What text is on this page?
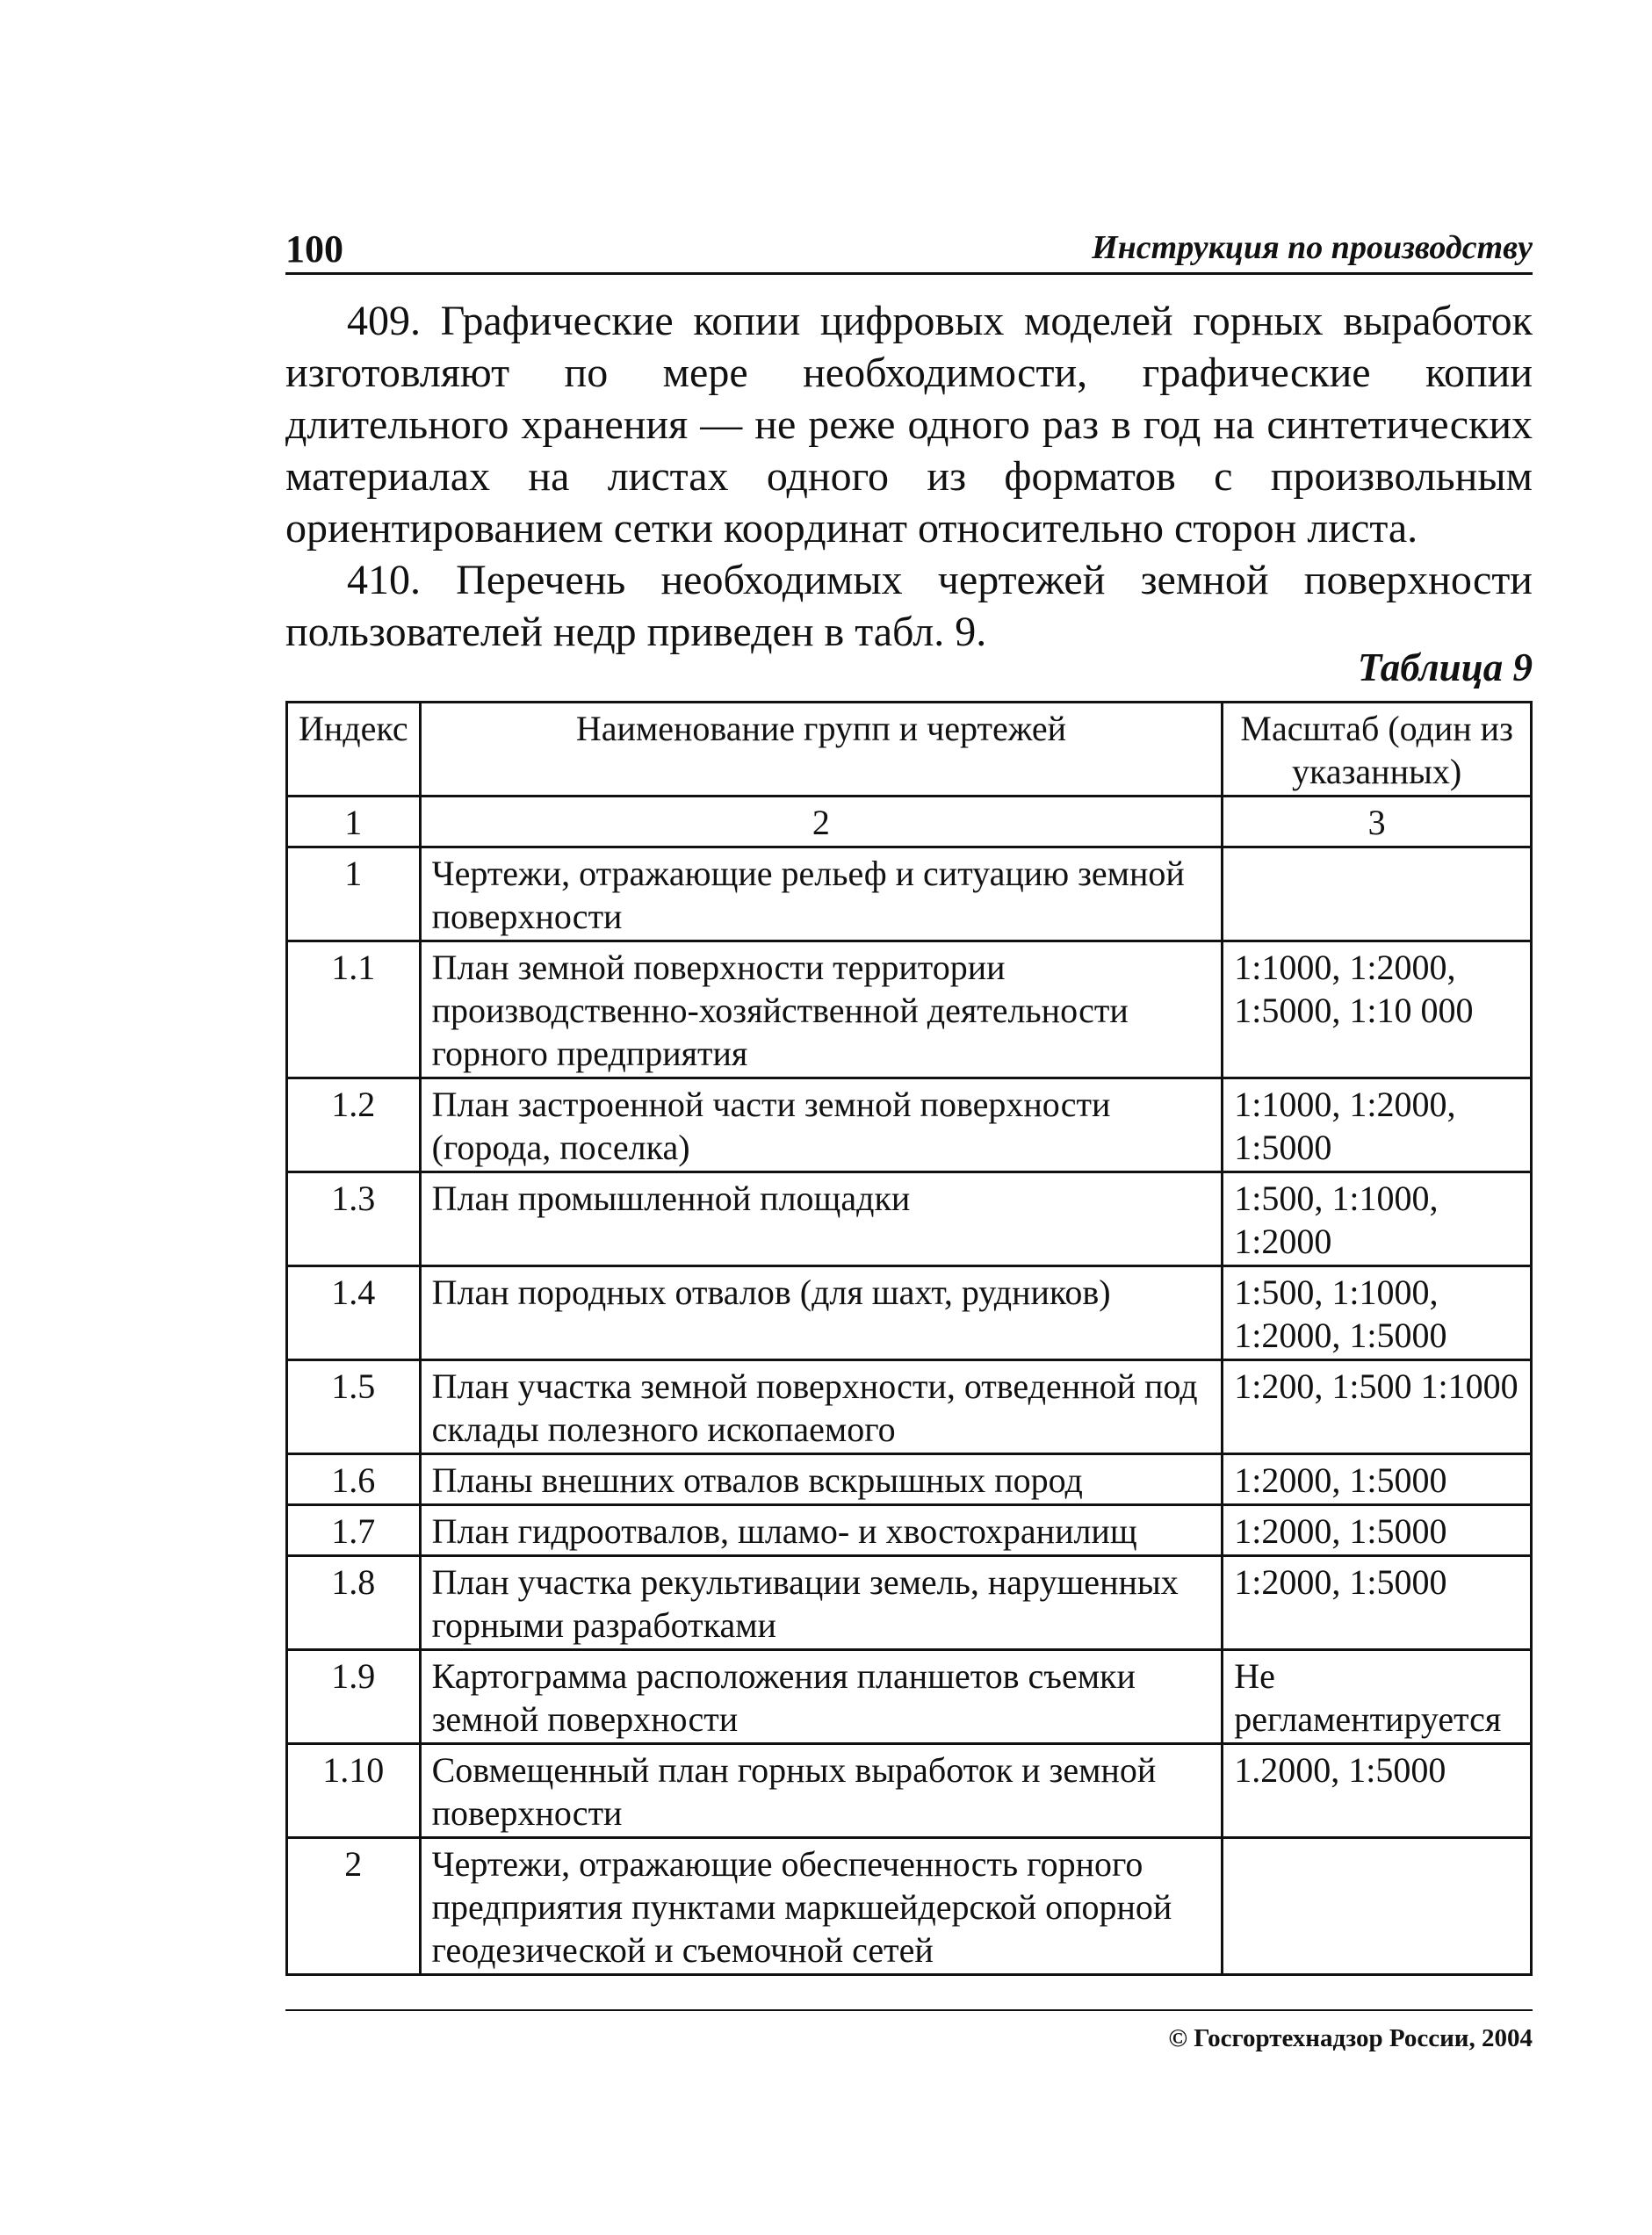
100	Инструкция по производству

409. Графические копии цифровых моделей горных выработок изготовляют по мере необходимости, графические копии длительного хранения — не реже одного раз в год на синтетических материалах на листах одного из форматов с произвольным ориентированием сетки координат относительно сторон листа.

410. Перечень необходимых чертежей земной поверхности пользователей недр приведен в табл. 9.

Таблица 9
Индекс	Наименование групп и чертежей	Масштаб (один из указанных)
1	2	3
1	Чертежи, отражающие рельеф и ситуацию земной поверхности	
1.1	План земной поверхности территории производственно-хозяйственной деятельности горного предприятия	1:1000, 1:2000, 1:5000, 1:10 000
1.2	План застроенной части земной поверхности (города, поселка)	1:1000, 1:2000, 1:5000
1.3	План промышленной площадки	1:500, 1:1000, 1:2000
1.4	План породных отвалов (для шахт, рудников)	1:500, 1:1000, 1:2000, 1:5000
1.5	План участка земной поверхности, отведенной под склады полезного ископаемого	1:200, 1:500 1:1000
1.6	Планы внешних отвалов вскрышных пород	1:2000, 1:5000
1.7	План гидроотвалов, шламо- и хвостохранилищ	1:2000, 1:5000
1.8	План участка рекультивации земель, нарушенных горными разработками	1:2000, 1:5000
1.9	Картограмма расположения планшетов съемки земной поверхности	Не регламентируется
1.10	Совмещенный план горных выработок и земной поверхности	1.2000, 1:5000
2	Чертежи, отражающие обеспеченность горного предприятия пунктами маркшейдерской опорной геодезической и съемочной сетей	
© Госгортехнадзор России, 2004
